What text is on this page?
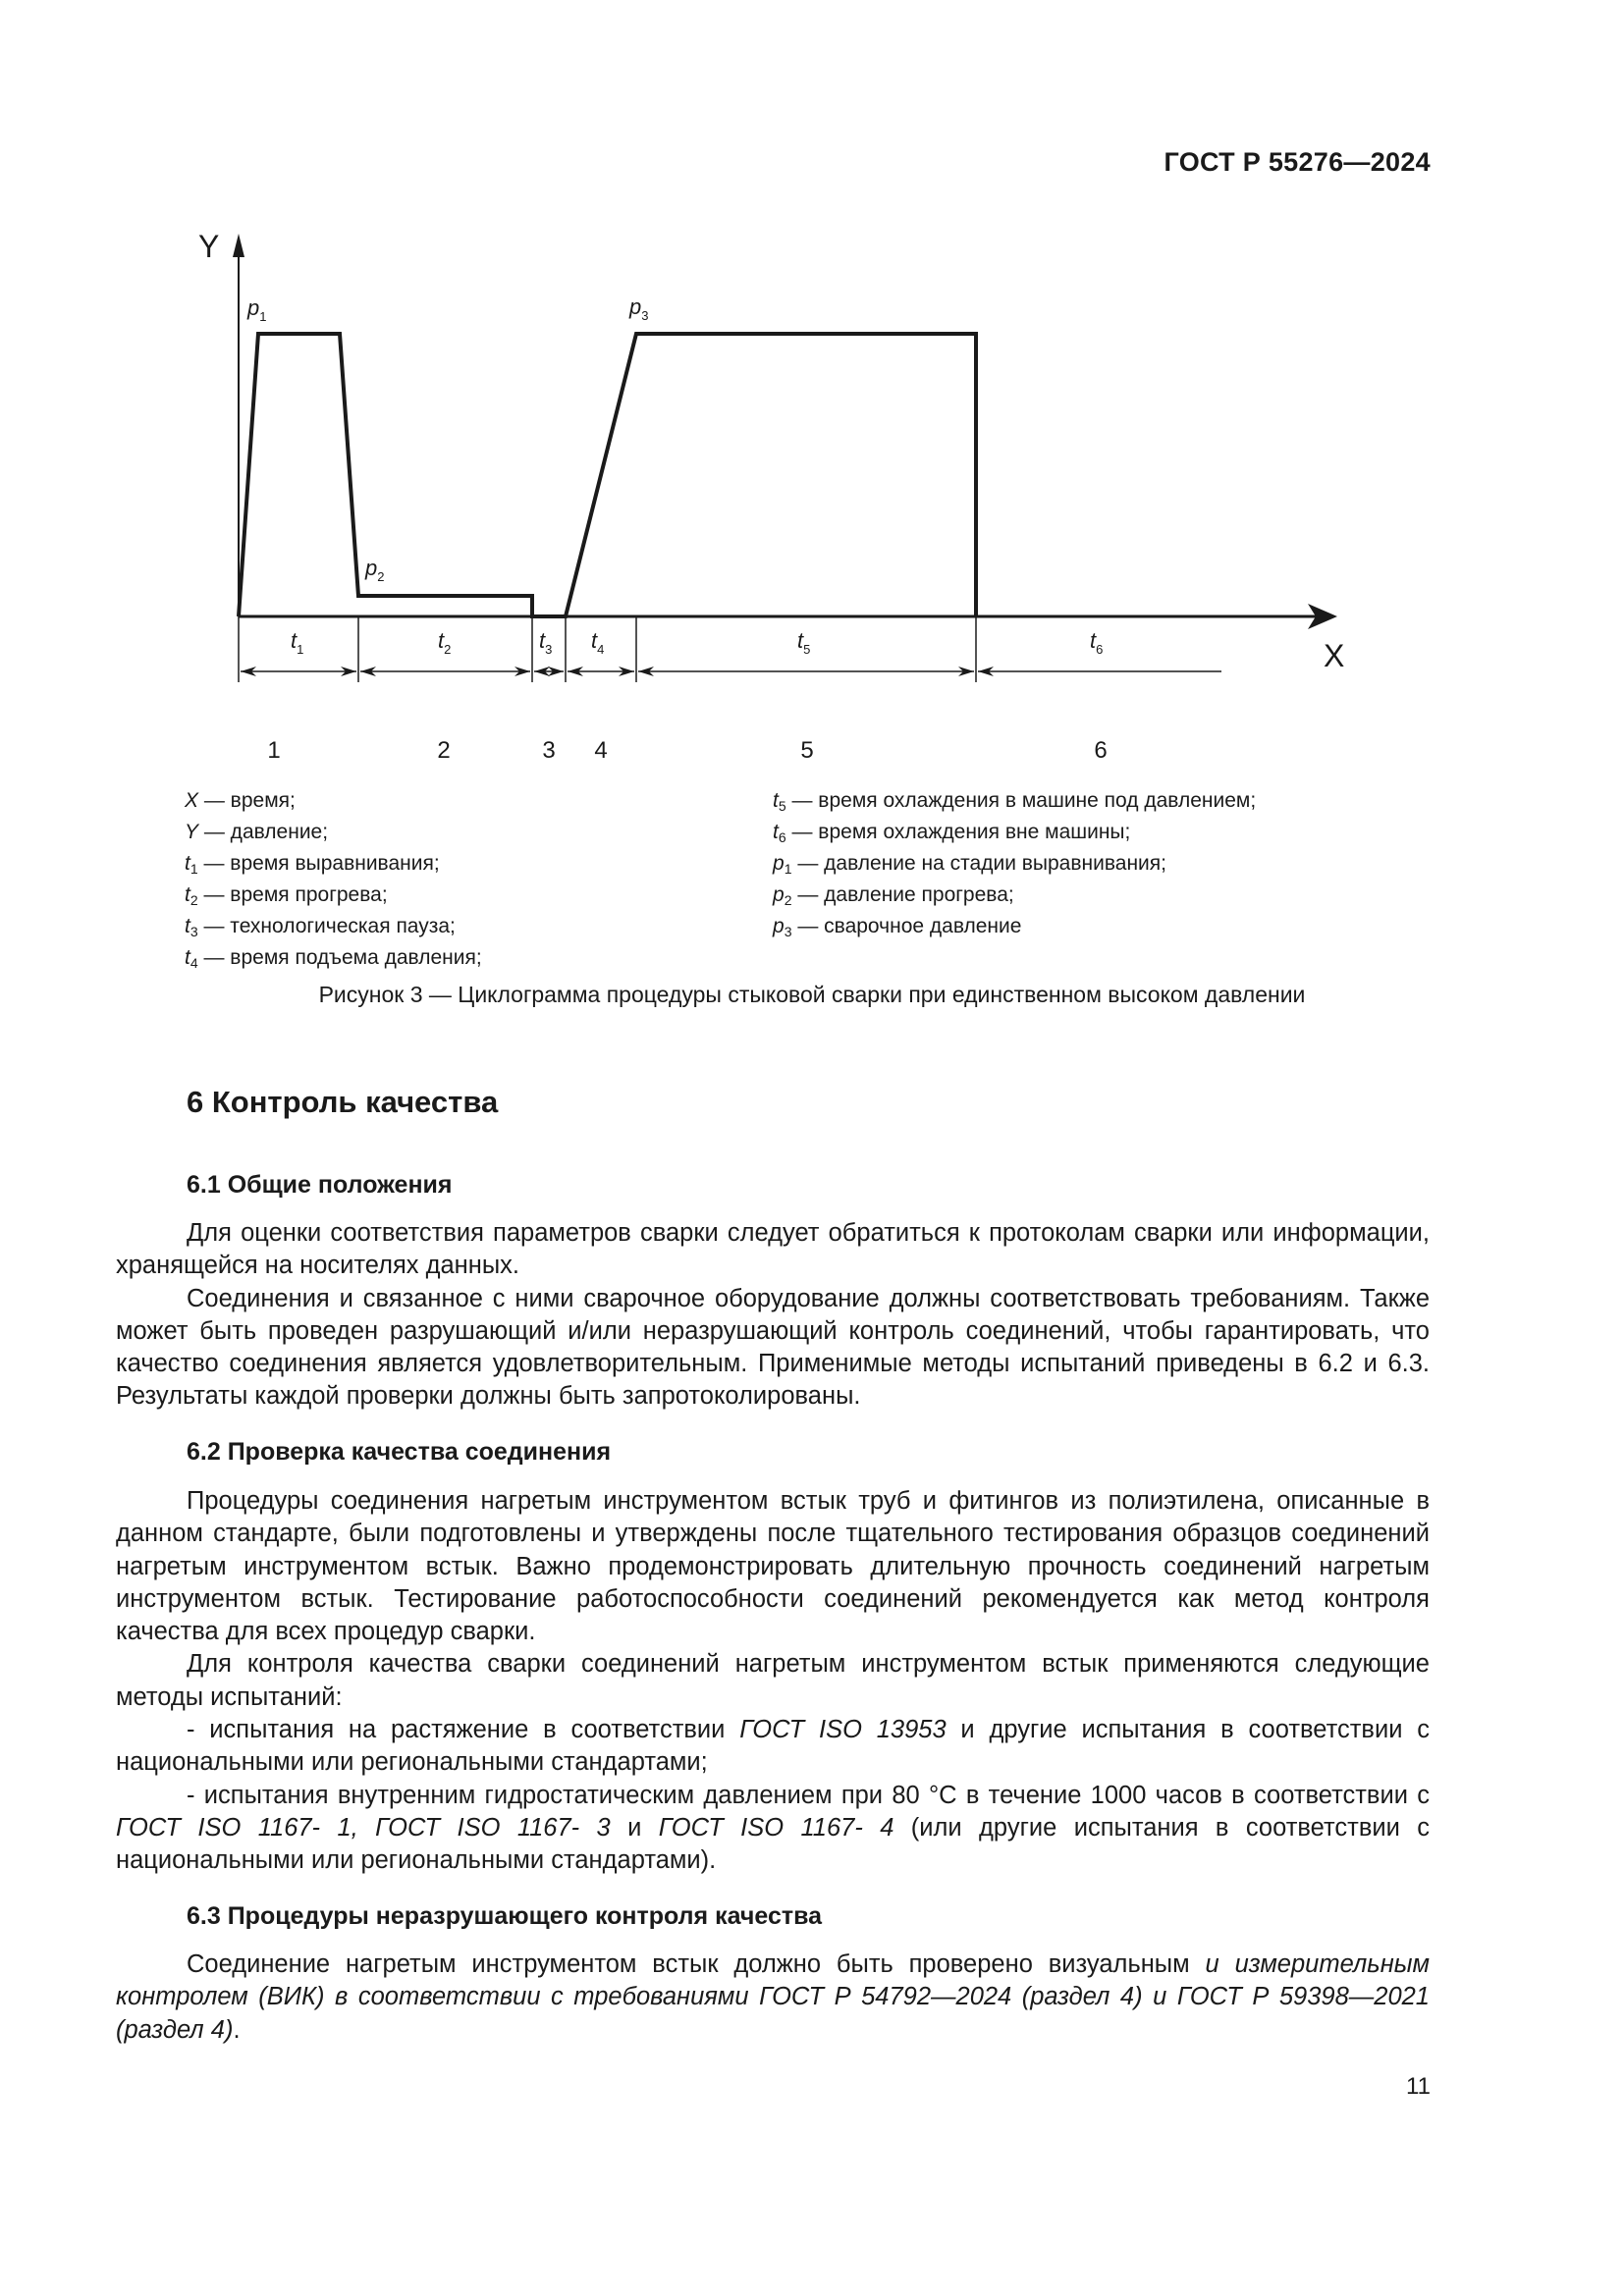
ГОСТ Р 55276—2024
Y
X
$p_1$
$p_2$
$p_3$
$t_1$	$t_2$	$t_3$ $t_4$	$t_5$	$t_6$
1	2	3 4	5	6
X — время;
Y — давление;
$t_1$ — время выравнивания;
$t_2$ — время прогрева;
$t_3$ — технологическая пауза;
$t_4$ — время подъема давления;
$t_5$ — время охлаждения в машине под давлением;
$t_6$ — время охлаждения вне машины;
$p_1$ — давление на стадии выравнивания;
$p_2$ — давление прогрева;
$p_3$ — сварочное давление
Рисунок 3 — Циклограмма процедуры стыковой сварки при единственном высоком давлении
6 Контроль качества
6.1 Общие положения

Для оценки соответствия параметров сварки следует обратиться к протоколам сварки или информации, хранящейся на носителях данных.

Соединения и связанное с ними сварочное оборудование должны соответствовать требованиям. Также может быть проведен разрушающий и/или неразрушающий контроль соединений, чтобы гарантировать, что качество соединения является удовлетворительным. Применимые методы испытаний приведены в 6.2 и 6.3. Результаты каждой проверки должны быть запротоколированы.

6.2 Проверка качества соединения

Процедуры соединения нагретым инструментом встык труб и фитингов из полиэтилена, описанные в данном стандарте, были подготовлены и утверждены после тщательного тестирования образцов соединений нагретым инструментом встык. Важно продемонстрировать длительную прочность соединений нагретым инструментом встык. Тестирование работоспособности соединений рекомендуется как метод контроля качества для всех процедур сварки.

Для контроля качества сварки соединений нагретым инструментом встык применяются следующие методы испытаний:

- испытания на растяжение в соответствии ГОСТ ISO 13953 и другие испытания в соответствии с национальными или региональными стандартами;

- испытания внутренним гидростатическим давлением при 80 °С в течение 1000 часов в соответствии с ГОСТ ISO 1167- 1, ГОСТ ISO 1167- 3 и ГОСТ ISO 1167- 4 (или другие испытания в соответствии с национальными или региональными стандартами).

6.3 Процедуры неразрушающего контроля качества

Соединение нагретым инструментом встык должно быть проверено визуальным и измерительным контролем (ВИК) в соответствии с требованиями ГОСТ Р 54792—2024 (раздел 4) и ГОСТ Р 59398—2021 (раздел 4).

11
